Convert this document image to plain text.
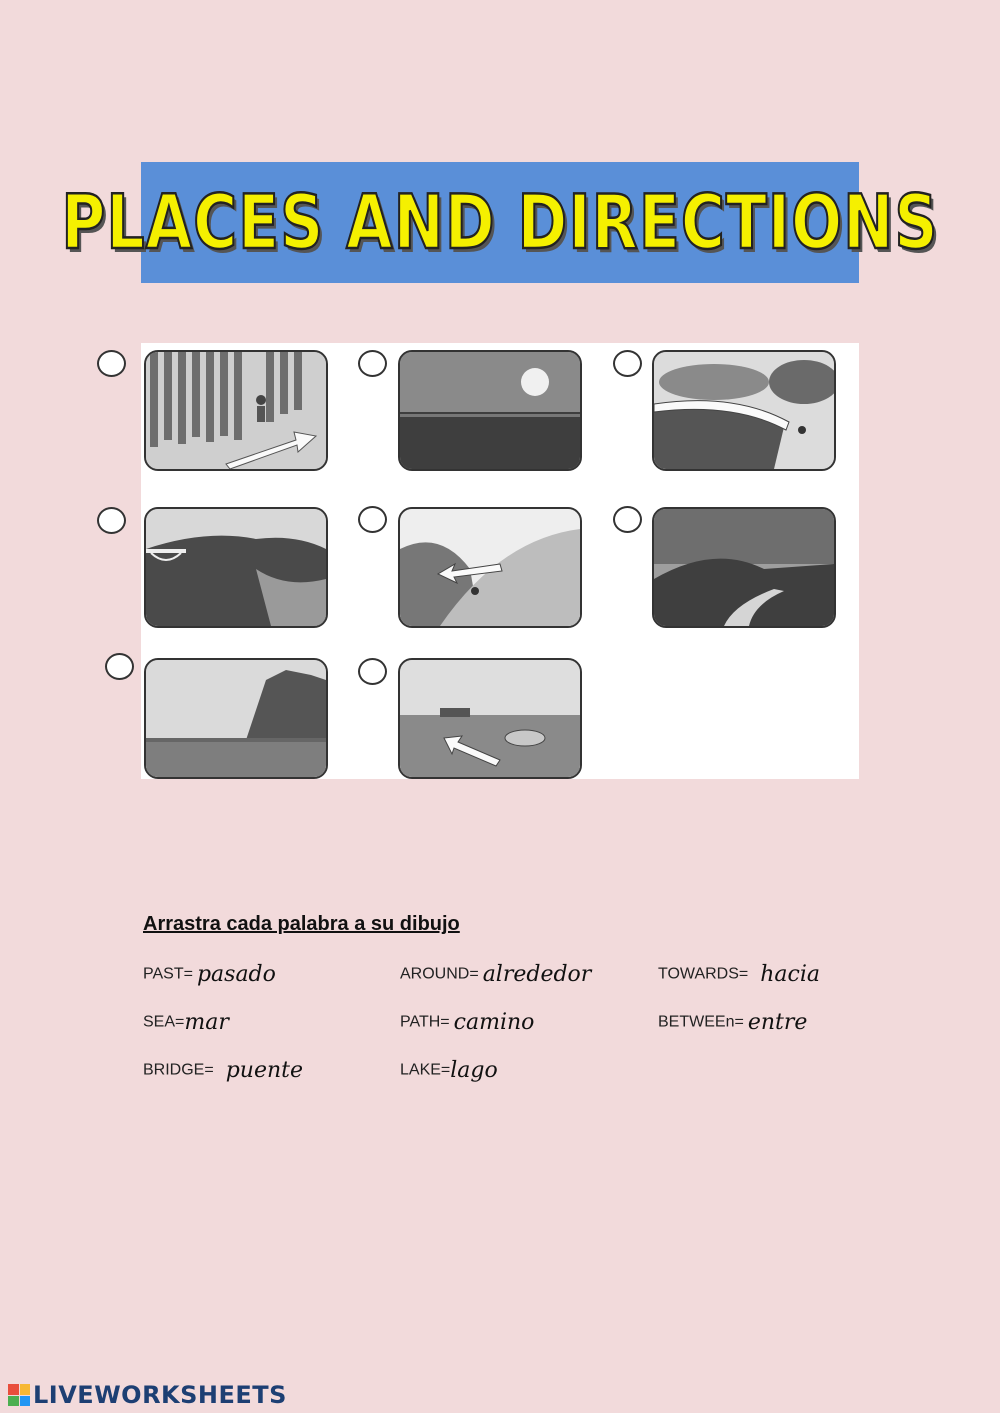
PLACES AND DIRECTIONS
Arrastra cada palabra a su dibujo
PAST= pasado	AROUND= alrededor	TOWARDS= hacia
SEA=mar	PATH= camino	BETWEEn= entre
BRIDGE= puente	LAKE=lago
LIVEWORKSHEETS
